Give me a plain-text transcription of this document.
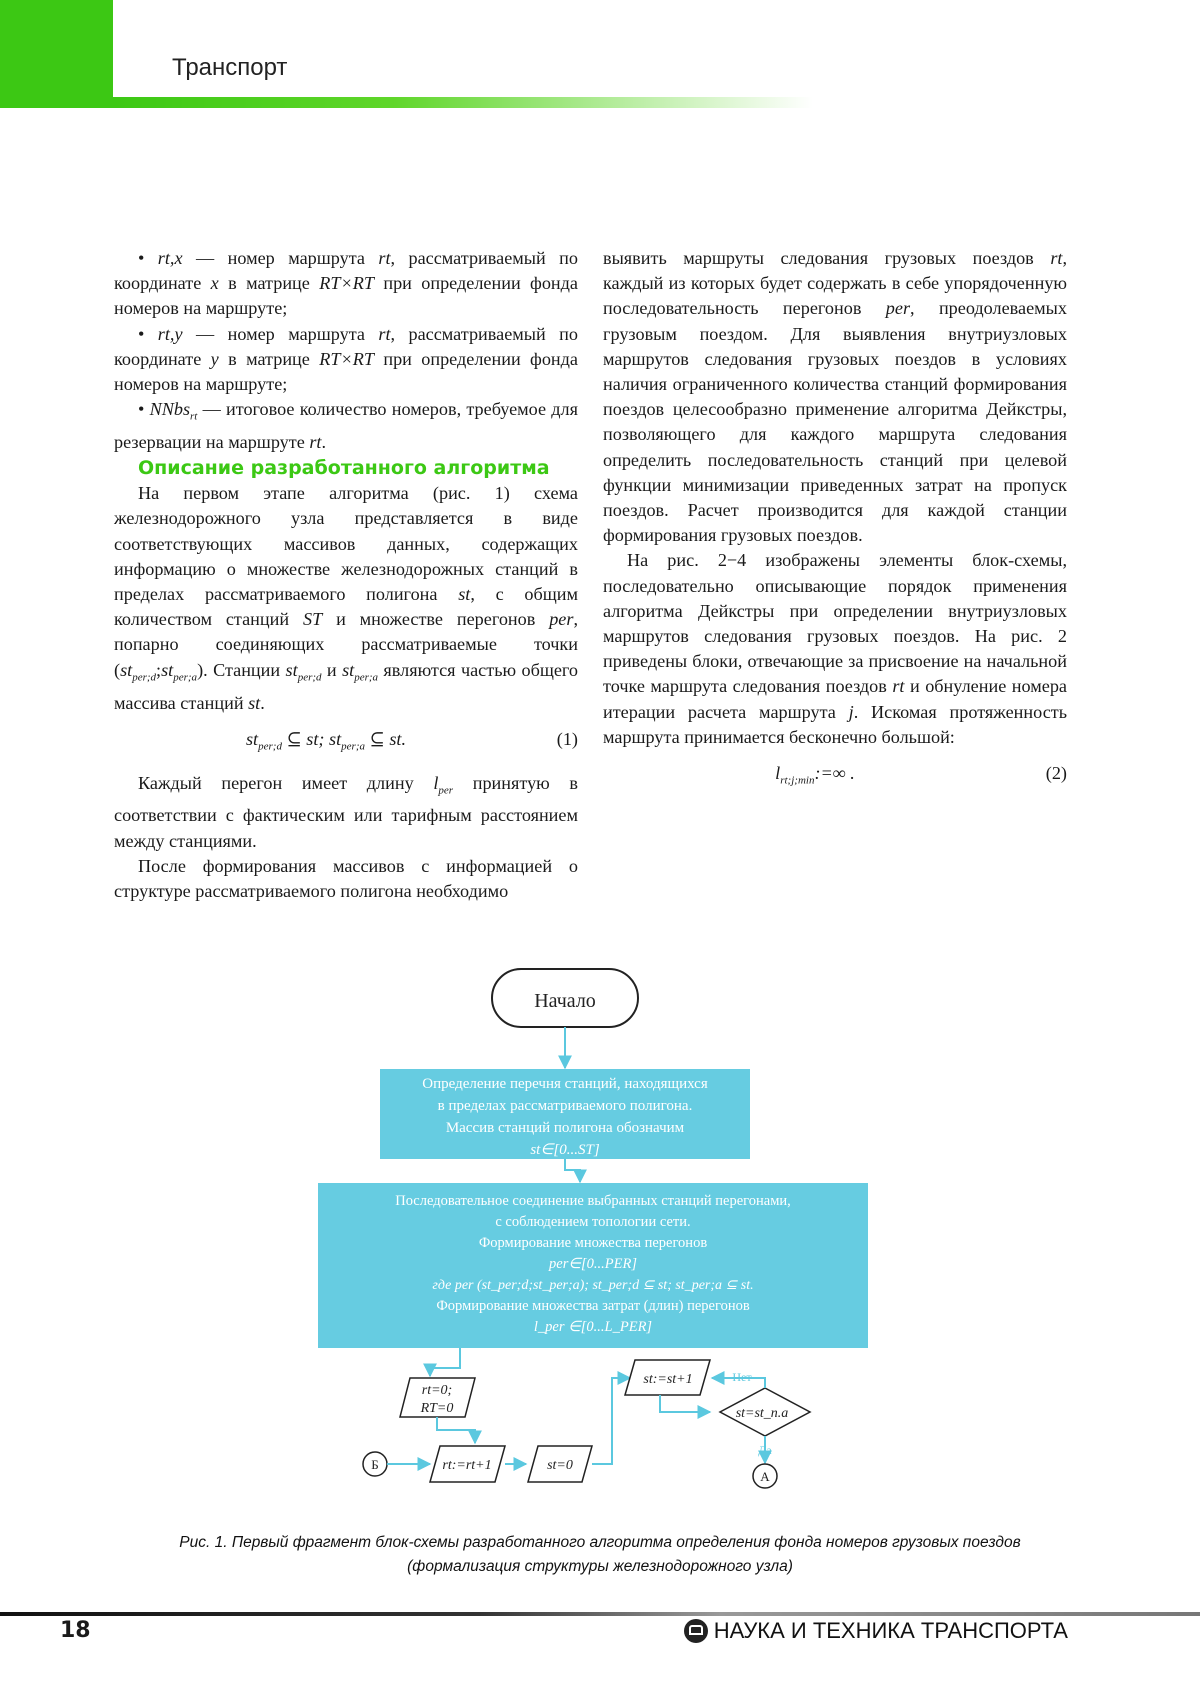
Транспорт

• rt,x — номер маршрута rt, рассматриваемый по координате x в матрице RT×RT при определении фонда номеров на маршруте;

• rt,y — номер маршрута rt, рассматриваемый по координате y в матрице RT×RT при определении фонда номеров на маршруте;

• NNbs$_{rt}$ — итоговое количество номеров, требуемое для резервации на маршруте rt.

Описание разработанного алгоритма

На первом этапе алгоритма (рис. 1) схема железнодорожного узла представляется в виде соответствующих массивов данных, содержащих информацию о множестве железнодорожных станций в пределах рассматриваемого полигона st, с общим количеством станций ST и множестве перегонов per, попарно соединяющих рассматриваемые точки $(st_{per;d};st_{per;a})$. Станции $st_{per;d}$ и $st_{per;a}$ являются частью общего массива станций st.

$st_{per;d}$ ⊆ st; $st_{per;a}$ ⊆ st.	(1)

Каждый перегон имеет длину $l_{per}$ принятую в соответствии с фактическим или тарифным расстоянием между станциями.

После формирования массивов с информацией о структуре рассматриваемого полигона необходимо

выявить маршруты следования грузовых поездов rt, каждый из которых будет содержать в себе упорядоченную последовательность перегонов per, преодолеваемых грузовым поездом. Для выявления внутриузловых маршрутов следования грузовых поездов в условиях наличия ограниченного количества станций формирования поездов целесообразно применение алгоритма Дейкстры, позволяющего для каждого маршрута следования определить последовательность станций при целевой функции минимизации приведенных затрат на пропуск поездов. Расчет производится для каждой станции формирования грузовых поездов.

На рис. 2−4 изображены элементы блок-схемы, последовательно описывающие порядок применения алгоритма Дейкстры при определении внутриузловых маршрутов следования грузовых поездов. На рис. 2 приведены блоки, отвечающие за присвоение на начальной точке маршрута следования поездов rt и обнуление номера итерации расчета маршрута j. Искомая протяженность маршрута принимается бесконечно большой:

$l_{rt;j;min}:=\infty$ .	(2)
Начало
Определение перечня станций, находящихся
в пределах рассматриваемого полигона.
Массив станций полигона обозначим
st∈[0...ST]
Последовательное соединение выбранных станций перегонами,
с соблюдением топологии сети.
Формирование множества перегонов
per∈[0...PER]
где per (st_per;d;st_per;a); st_per;d ⊆ st; st_per;a ⊆ st.
Формирование множества затрат (длин) перегонов
l_per ∈[0...L_PER]
rt=0;
RT=0
Б	rt:=rt+1	st=0
st:=st+1
st=st_n.a
Нет
Да
А
Рис. 1. Первый фрагмент блок-схемы разработанного алгоритма определения фонда номеров грузовых поездов
(формализация структуры железнодорожного узла)
18	НАУКА И ТЕХНИКА ТРАНСПОРТА
